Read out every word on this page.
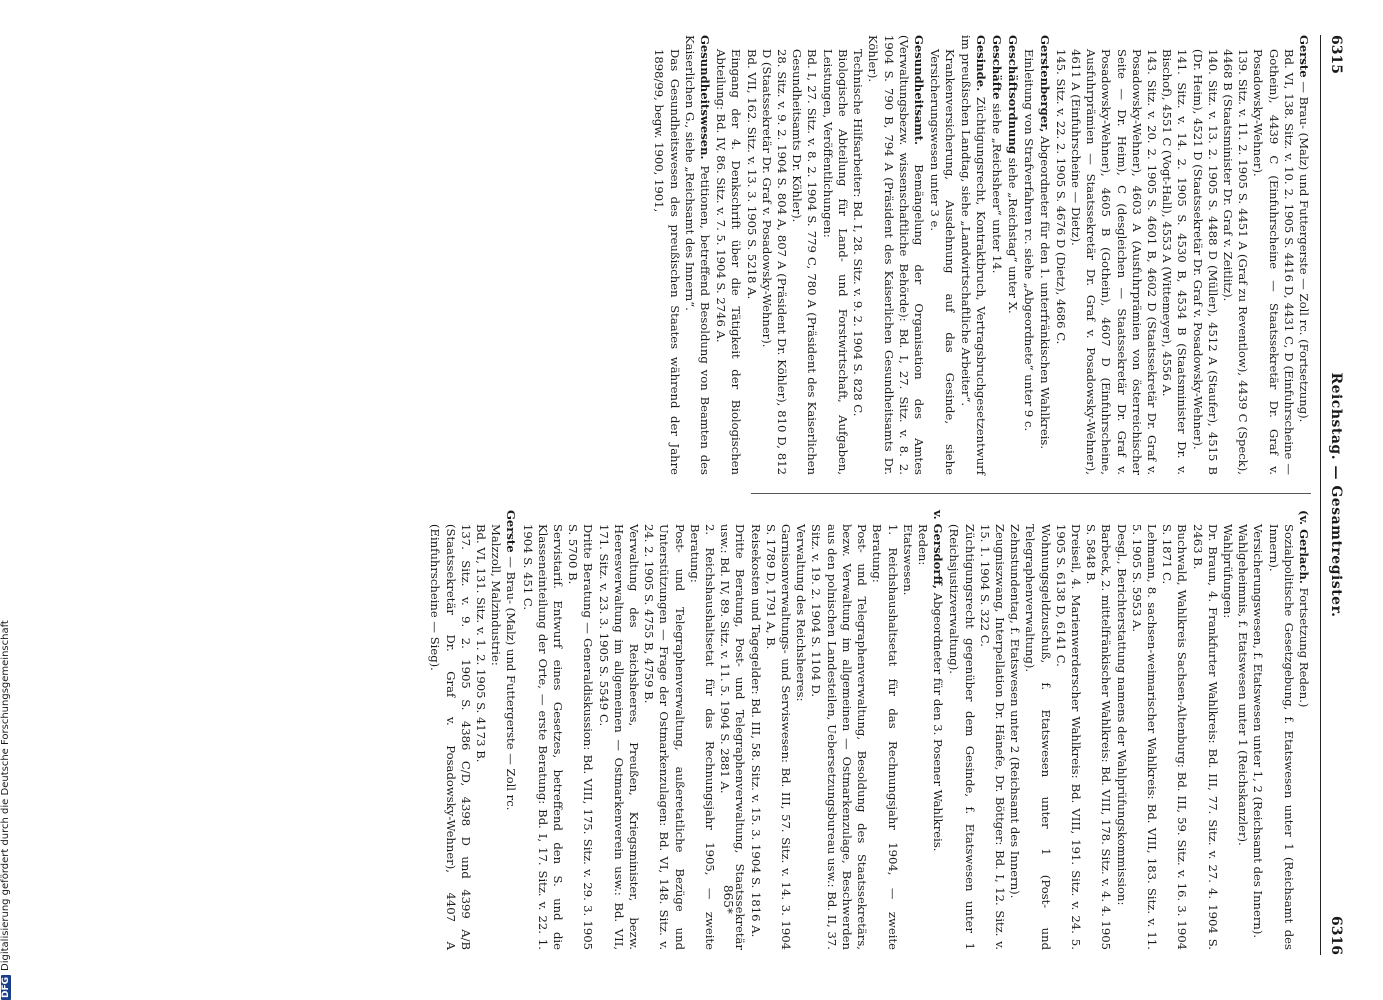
DFGDigitalisierung gefördert durch die Deutsche Forschungsgemeinschaft
6315
Reichstag. — Gesamtregister.
6316
Gerste — Brau- (Malz) und Futtergerste — Zoll rc. (Fortsetzung).
Bd. VI, 138. Sitz. v. 10. 2. 1905 S. 4416 D, 4431 C, D (Einfuhrscheine — Gothein), 4439 C (Einfuhrscheine — Staatssekretär Dr. Graf v. Posadowsky-Wehner).
139. Sitz. v. 11. 2. 1905 S. 4451 A (Graf zu Reventlow), 4439 C (Speck), 4468 B (Staatsminister Dr. Graf v. Zeitlitz).
140. Sitz. v. 13. 2. 1905 S. 4488 D (Müller), 4512 A (Staufer), 4515 B (Dr. Heim), 4521 D (Staatssekretär Dr. Graf v. Posadowsky-Wehner).
141. Sitz. v. 14. 2. 1905 S. 4530 B, 4534 B (Staatsminister Dr. v. Bischof), 4551 C (Vogt-Hall), 4553 A (Wittemeyer), 4556 A.
143. Sitz. v. 20. 2. 1905 S. 4601 B, 4602 D (Staatssekretär Dr. Graf v. Posadowsky-Wehner), 4603 A (Ausfuhrprämien von österreichischer Seite — Dr. Heim), C (desgleichen — Staatssekretär Dr. Graf v. Posadowsky-Wehner), 4605 B (Gothein), 4607 D (Einfuhrscheine, Ausfuhrprämien — Staatssekretär Dr. Graf v. Posadowsky-Wehner), 4611 A (Einfuhrscheine — Dietz).
145. Sitz. v. 22. 2. 1905 S. 4676 D (Dietz), 4686 C.
Gerstenberger, Abgeordneter für den 1. unterfränkischen Wahlkreis.
Einleitung von Strafverfahren rc. siehe „Abgeordnete“ unter 9 c.
Geschäftsordnung siehe „Reichstag“ unter X.
Geschäfte siehe „Reichsheer“ unter 14.
Gesinde. Züchtigungsrecht, Kontraktbruch, Vertragsbruchgesetzentwurf im preußischen Landtag, siehe „Landwirtschaftliche Arbeiter“.
Krankenversicherung, Ausdehnung auf das Gesinde, siehe Versicherungswesen unter 3 e.
Gesundheitsamt. Bemängelung der Organisation des Amtes (Verwaltungsbezw. wissenschaftliche Behörde): Bd. I, 27. Sitz. v. 8. 2. 1904 S. 790 B, 794 A (Präsident des Kaiserlichen Gesundheitsamts Dr. Köhler).
Technische Hilfsarbeiter: Bd. I, 28. Sitz. v. 9. 2. 1904 S. 828 C.
Biologische Abteilung für Land- und Forstwirtschaft, Aufgaben, Leistungen, Veröffentlichungen:
Bd. I, 27. Sitz. v. 8. 2. 1904 S. 779 C, 780 A (Präsident des Kaiserlichen Gesundheitsamts Dr. Köhler).
28. Sitz. v. 9. 2. 1904 S. 804 A, 807 A (Präsident Dr. Köhler), 810 D, 812 D (Staatssekretär Dr. Graf v. Posadowsky-Wehner).
Bd. VII, 162. Sitz. v. 13. 3. 1905 S. 5218 A.
Eingang der 4. Denkschrift über die Tätigkeit der Biologischen Abteilung: Bd. IV, 86. Sitz. v. 7. 5. 1904 S. 2746 A.
Gesundheitswesen. Petitionen, betreffend Besoldung von Beamten des Kaiserlichen G., siehe „Reichsamt des Innern“.
Das Gesundheitswesen des preußischen Staates während der Jahre 1898/99, begw. 1900, 1901,
(v. Gerlach. Fortsetzung Reden.)
Sozialpolitische Gesetzgebung, f. Etatswesen unter 1 (Reichsamt des Innern).
Versicherungswesen, f. Etatswesen unter 1, 2 (Reichsamt des Innern).
Wahlgeheimnis, f. Etatswesen unter 1 (Reichskanzler).
Wahlprüfungen:
Dr. Braun, 4. Frankfurter Wahlkreis: Bd. III, 77. Sitz. v. 27. 4. 1904 S. 2463 B.
Buchwald, Wahlkreis Sachsen-Altenburg: Bd. III, 59. Sitz. v. 16. 3. 1904 S. 1871 C.
Lehmann, 8. sachsen-weimarischer Wahlkreis: Bd. VIII, 183. Sitz. v. 11. 5. 1905 S. 5953 A.
Desgl., Berichterstattung namens der Wahlprüfungskommission:
Barbeck, 2. mittelfränkischer Wahlkreis: Bd. VIII, 178. Sitz. v. 4. 4. 1905 S. 5848 B.
Dreiseil, 4. Marienwerderscher Wahlkreis: Bd. VIII, 191. Sitz. v. 24. 5. 1905 S. 6138 D, 6141 C.
Wohnungsgeldzuschuß, f. Etatswesen unter 1 (Post- und Telegraphenverwaltung).
Zehnstundentag, f. Etatswesen unter 2 (Reichsamt des Innern).
Zeugniszwang, Interpellation Dr. Hänefe, Dr. Böttger: Bd. I, 12. Sitz. v. 15. 1. 1904 S. 322 C.
Züchtigungsrecht gegenüber dem Gesinde, f. Etatswesen unter 1 (Reichsjustizverwaltung).
v. Gersdorff, Abgeordneter für den 3. Posener Wahlkreis.
Reden:
Etatswesen.
1. Reichshaushaltsetat für das Rechnungsjahr 1904, — zweite Beratung:
Post- und Telegraphenverwaltung, Besoldung des Staatssekretärs, bezw. Verwaltung im allgemeinen — Ostmarkenzulage, Beschwerden aus den polnischen Landesteilen, Uebersetzungsbureau usw.: Bd. II, 37. Sitz. v. 19. 2. 1904 S. 1104 D.
Verwaltung des Reichsheeres:
Garnisonverwaltungs- und Serviswesen: Bd. III, 57. Sitz. v. 14. 3. 1904 S. 1789 D, 1791 A, B.
Reisekosten und Tagegelder: Bd. III, 58. Sitz. v. 15. 3. 1904 S. 1816 A.
Dritte Beratung, Post- und Telegraphenverwaltung, Staatssekretär usw.: Bd. IV, 89. Sitz. v. 11. 5. 1904 S. 2881 A.
2. Reichshaushaltsetat für das Rechnungsjahr 1905, — zweite Beratung:
Post- und Telegraphenverwaltung, außeretatliche Bezüge und Unterstützungen — Frage der Ostmarkenzulagen: Bd. VI, 148. Sitz. v. 24. 2. 1905 S. 4755 B, 4759 B.
Verwaltung des Reichsheeres, Preußen, Kriegsminister, bezw. Heeresverwaltung im allgemeinen — Ostmarkenverein usw.: Bd. VII, 171. Sitz. v. 23. 3. 1905 S. 5549 C.
Dritte Beratung — Generaldiskussion: Bd. VIII, 175. Sitz. v. 29. 3. 1905 S. 5700 B.
Servistarif. Entwurf eines Gesetzes, betreffend den S. und die Klasseneinteilung der Orte, — erste Beratung: Bd. I, 17. Sitz. v. 22. 1. 1904 S. 451 C.
Gerste — Brau- (Malz) und Futtergerste — Zoll rc.
Malzzoll, Malzindustrie:
Bd. VI, 131. Sitz. v. 1. 2. 1905 S. 4173 B.
137. Sitz. v. 9. 2. 1905 S. 4386 C/D, 4398 D und 4399 A/B (Staatssekretär Dr. Graf v. Posadowsky-Wehner), 4407 A (Einfuhrscheine — Sieg).
865*
